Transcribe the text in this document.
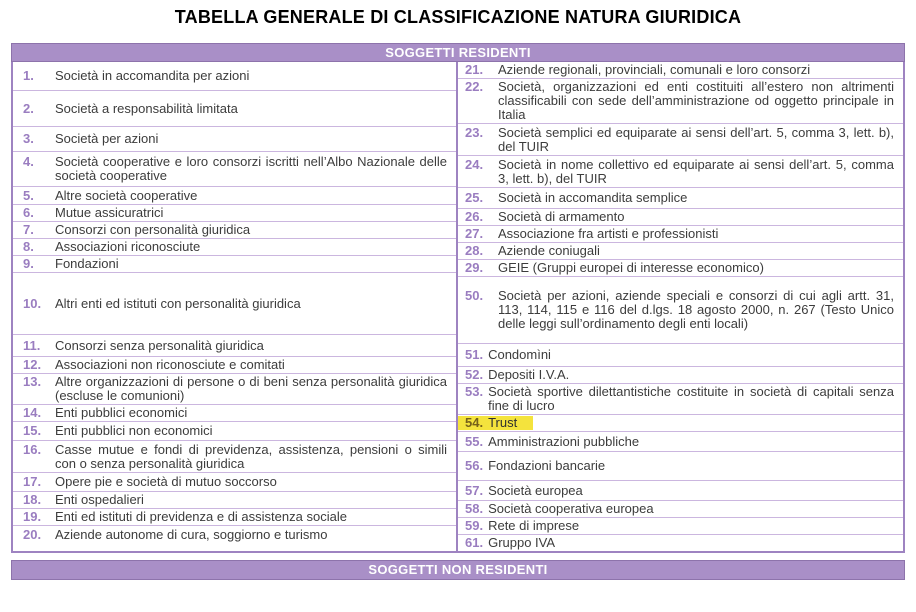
TABELLA GENERALE DI CLASSIFICAZIONE NATURA GIURIDICA
SOGGETTI RESIDENTI
1.	Società in accomandita per azioni
2.	Società a responsabilità limitata
3.	Società per azioni
4.	Società cooperative e loro consorzi iscritti nell’Albo Nazionale delle società cooperative
5.	Altre società cooperative
6.	Mutue assicuratrici
7.	Consorzi con personalità giuridica
8.	Associazioni riconosciute
9.	Fondazioni
10.	Altri enti ed istituti con personalità giuridica
11.	Consorzi senza personalità giuridica
12.	Associazioni non riconosciute e comitati
13.	Altre organizzazioni di persone o di beni senza personalità giuridica (escluse le comunioni)
14.	Enti pubblici economici
15.	Enti pubblici non economici
16.	Casse mutue e fondi di previdenza, assistenza, pensioni o simili con o senza personalità giuridica
17.	Opere pie e società di mutuo soccorso
18.	Enti ospedalieri
19.	Enti ed istituti di previdenza e di assistenza sociale
20.	Aziende autonome di cura, soggiorno e turismo
21.	Aziende regionali, provinciali, comunali e loro consorzi
22.	Società, organizzazioni ed enti costituiti all’estero non altrimenti classificabili con sede dell’amministrazione od oggetto principale in Italia
23.	Società semplici ed equiparate ai sensi dell’art. 5, comma 3, lett. b), del TUIR
24.	Società in nome collettivo ed equiparate ai sensi dell’art. 5, comma 3, lett. b), del TUIR
25.	Società in accomandita semplice
26.	Società di armamento
27.	Associazione fra artisti e professionisti
28.	Aziende coniugali
29.	GEIE (Gruppi europei di interesse economico)
50.	Società per azioni, aziende speciali e consorzi di cui agli artt. 31, 113, 114, 115 e 116 del d.lgs. 18 agosto 2000, n. 267 (Testo Unico delle leggi sull’ordinamento degli enti locali)
51. Condomìni
52. Depositi I.V.A.
53. Società sportive dilettantistiche costituite in società di capitali senza fine di lucro
54. Trust
55. Amministrazioni pubbliche
56. Fondazioni bancarie
57. Società europea
58. Società cooperativa europea
59. Rete di imprese
61. Gruppo IVA
SOGGETTI NON RESIDENTI
